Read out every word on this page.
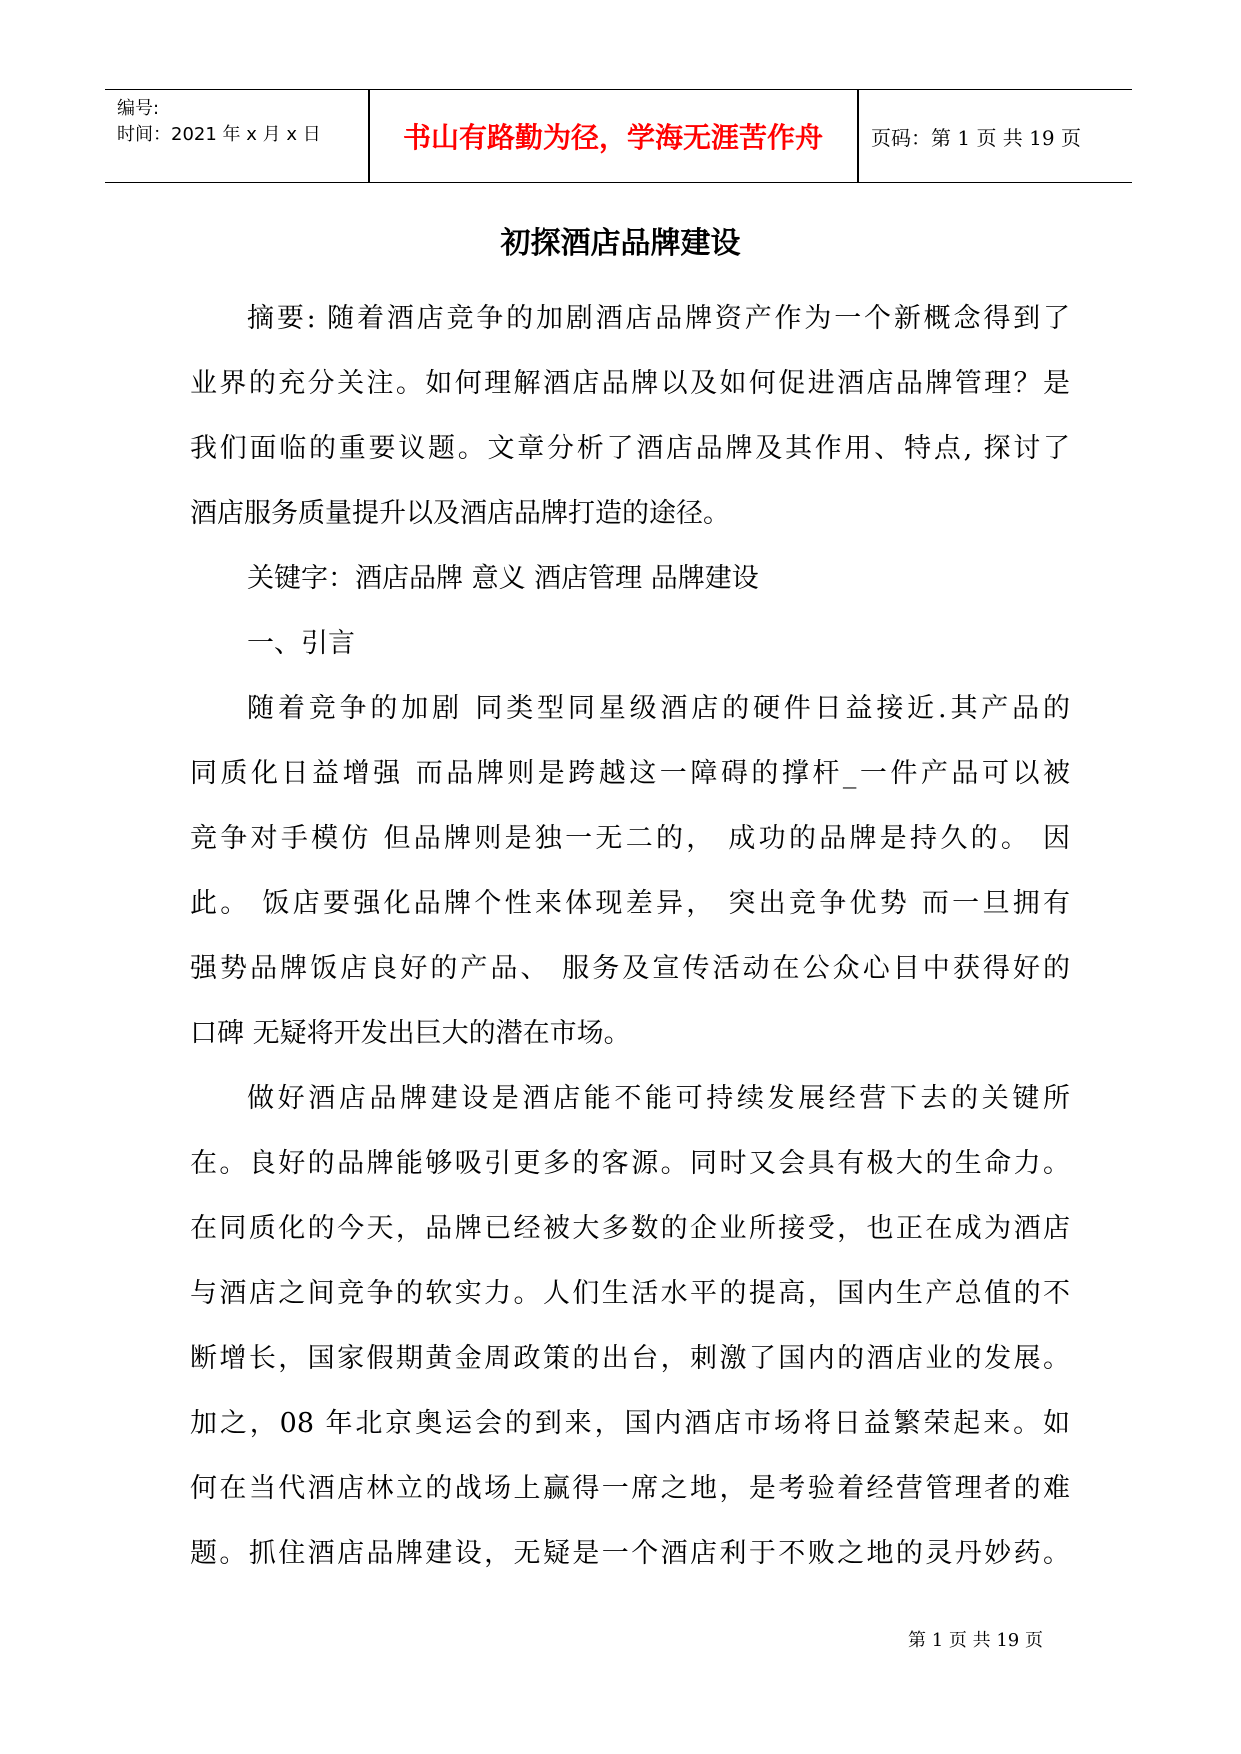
编号:
时间：2021 年 x 月 x 日	书山有路勤为径，学海无涯苦作舟	页码：第 1 页 共 19 页
初探酒店品牌建设
摘要: 随着酒店竞争的加剧酒店品牌资产作为一个新概念得到了
业界的充分关注。如何理解酒店品牌以及如何促进酒店品牌管理？是
我们面临的重要议题。文章分析了酒店品牌及其作用、特点, 探讨了
酒店服务质量提升以及酒店品牌打造的途径。
关键字：酒店品牌 意义 酒店管理 品牌建设
一、引言
随着竞争的加剧 同类型同星级酒店的硬件日益接近.其产品的
同质化日益增强 而品牌则是跨越这一障碍的撑杆_一件产品可以被
竞争对手模仿 但品牌则是独一无二的， 成功的品牌是持久的。 因
此。 饭店要强化品牌个性来体现差异， 突出竞争优势 而一旦拥有
强势品牌饭店良好的产品、 服务及宣传活动在公众心目中获得好的
口碑 无疑将开发出巨大的潜在市场。
做好酒店品牌建设是酒店能不能可持续发展经营下去的关键所
在。良好的品牌能够吸引更多的客源。同时又会具有极大的生命力。
在同质化的今天，品牌已经被大多数的企业所接受，也正在成为酒店
与酒店之间竞争的软实力。人们生活水平的提高，国内生产总值的不
断增长，国家假期黄金周政策的出台，刺激了国内的酒店业的发展。
加之，08 年北京奥运会的到来，国内酒店市场将日益繁荣起来。如
何在当代酒店林立的战场上赢得一席之地，是考验着经营管理者的难
题。抓住酒店品牌建设，无疑是一个酒店利于不败之地的灵丹妙药。
第 1 页 共 19 页
